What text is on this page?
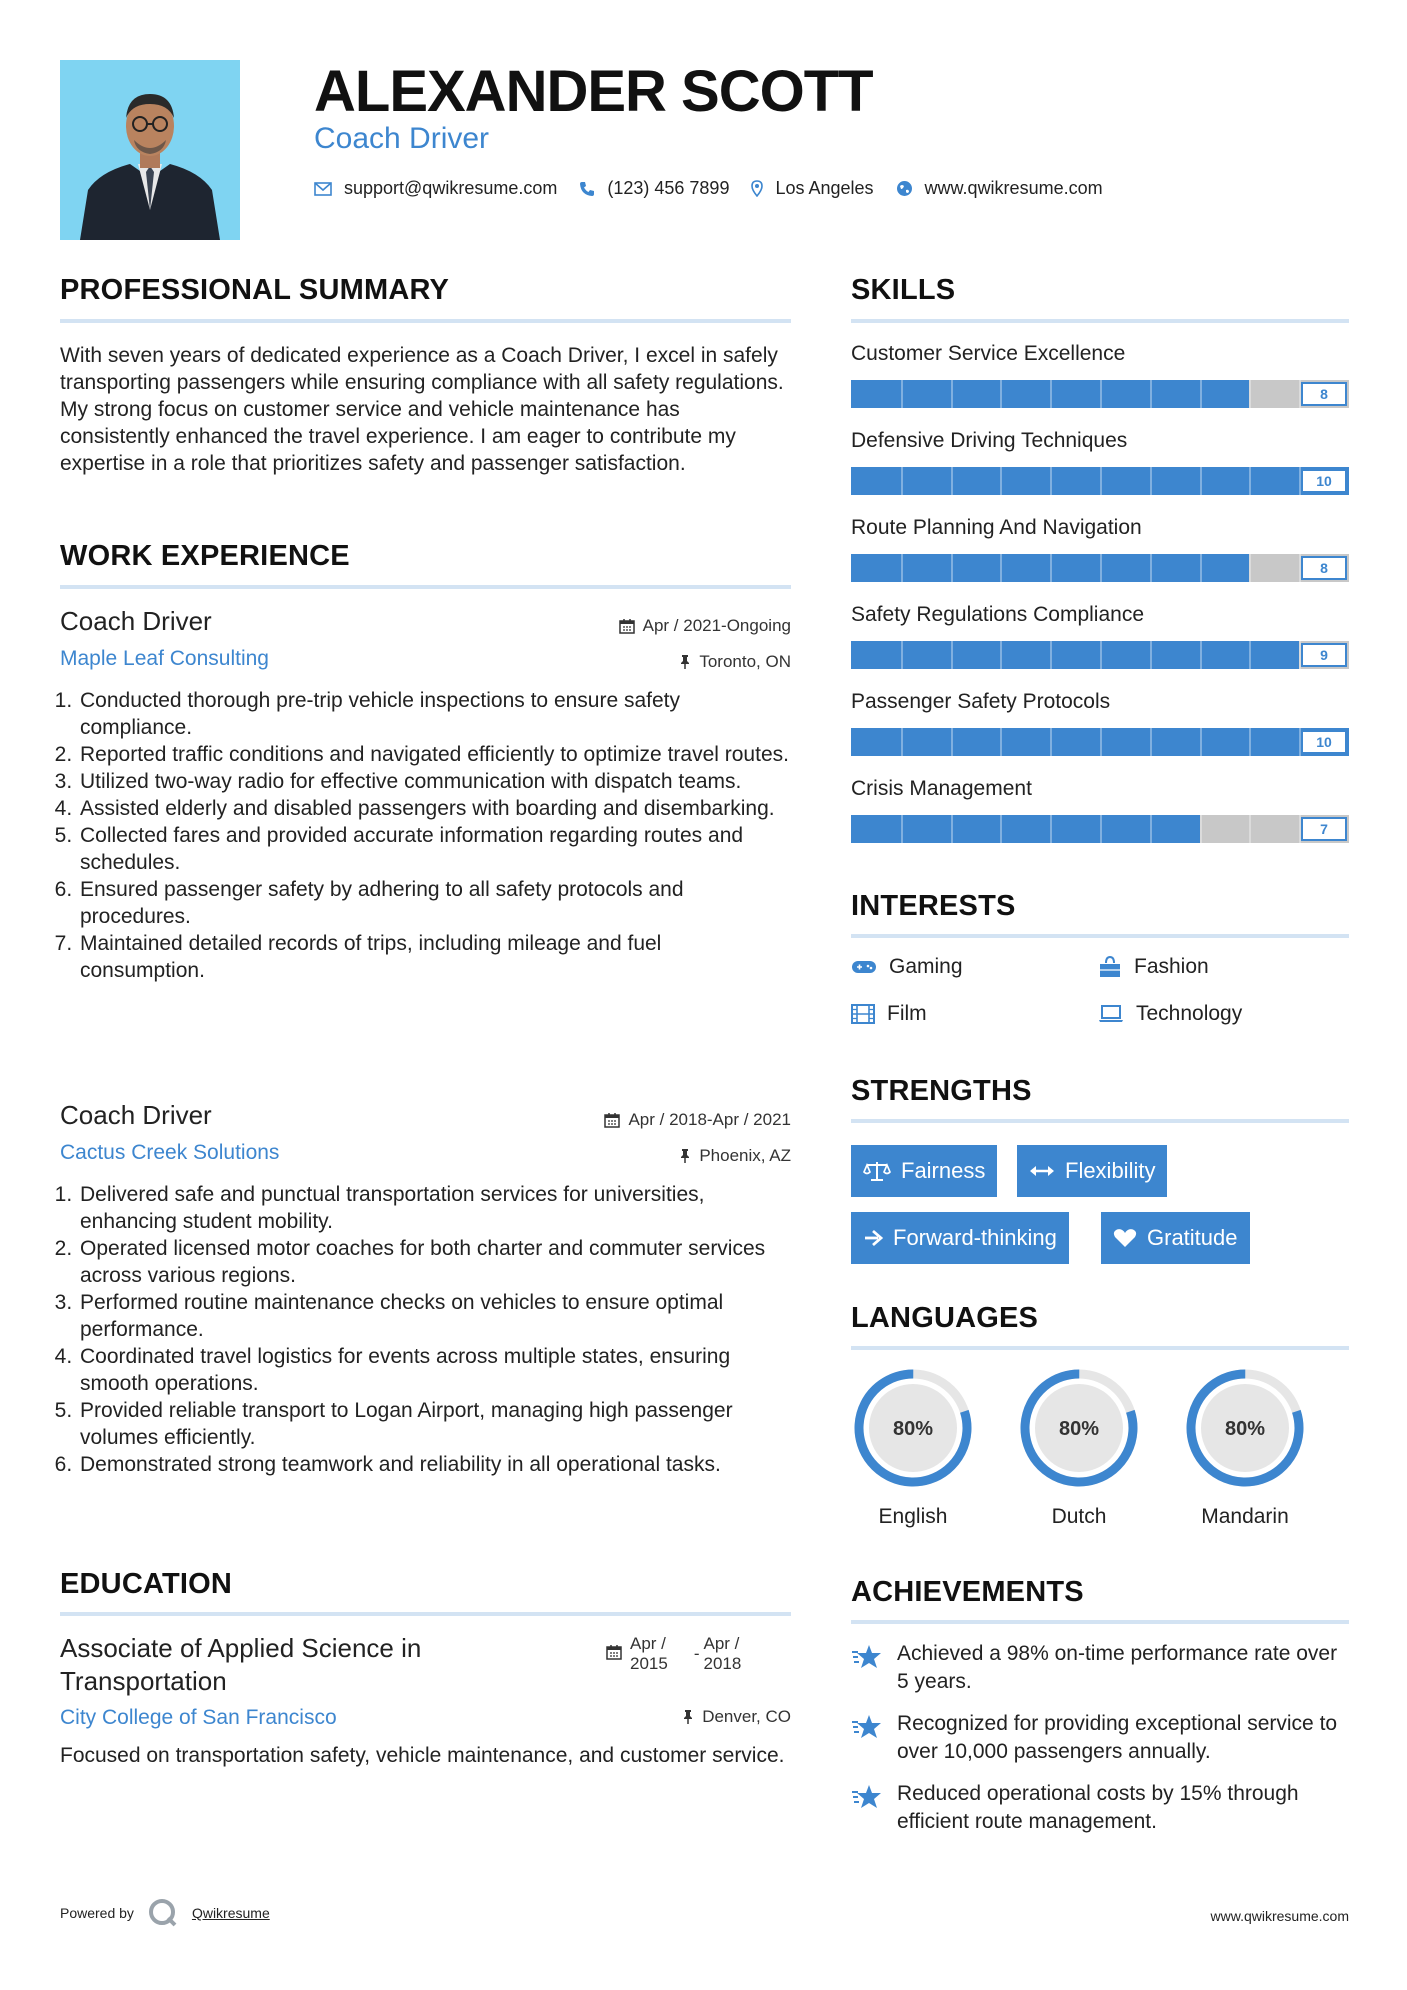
ALEXANDER SCOTT
Coach Driver
support@qwikresume.com	(123) 456 7899	Los Angeles	www.qwikresume.com
PROFESSIONAL SUMMARY
With seven years of dedicated experience as a Coach Driver, I excel in safely transporting passengers while ensuring compliance with all safety regulations. My strong focus on customer service and vehicle maintenance has consistently enhanced the travel experience. I am eager to contribute my expertise in a role that prioritizes safety and passenger satisfaction.
WORK EXPERIENCE
Coach Driver	Apr / 2021-Ongoing
Maple Leaf Consulting	Toronto, ON
1. Conducted thorough pre-trip vehicle inspections to ensure safety compliance.
2. Reported traffic conditions and navigated efficiently to optimize travel routes.
3. Utilized two-way radio for effective communication with dispatch teams.
4. Assisted elderly and disabled passengers with boarding and disembarking.
5. Collected fares and provided accurate information regarding routes and schedules.
6. Ensured passenger safety by adhering to all safety protocols and procedures.
7. Maintained detailed records of trips, including mileage and fuel consumption.
Coach Driver	Apr / 2018-Apr / 2021
Cactus Creek Solutions	Phoenix, AZ
1. Delivered safe and punctual transportation services for universities, enhancing student mobility.
2. Operated licensed motor coaches for both charter and commuter services across various regions.
3. Performed routine maintenance checks on vehicles to ensure optimal performance.
4. Coordinated travel logistics for events across multiple states, ensuring smooth operations.
5. Provided reliable transport to Logan Airport, managing high passenger volumes efficiently.
6. Demonstrated strong teamwork and reliability in all operational tasks.
EDUCATION
Associate of Applied Science in Transportation
Apr /
2015
-
Apr /
2018
City College of San Francisco	Denver, CO
Focused on transportation safety, vehicle maintenance, and customer service.
SKILLS
Customer Service Excellence
8
Defensive Driving Techniques
10
Route Planning And Navigation
8
Safety Regulations Compliance
9
Passenger Safety Protocols
10
Crisis Management
7
INTERESTS
Gaming	Fashion
Film	Technology
STRENGTHS
Fairness	Flexibility
Forward-thinking	Gratitude
LANGUAGES
80%
English
80%
Dutch
80%
Mandarin
ACHIEVEMENTS
Achieved a 98% on-time performance rate over 5 years.
Recognized for providing exceptional service to over 10,000 passengers annually.
Reduced operational costs by 15% through efficient route management.
Powered by	Qwikresume	www.qwikresume.com
